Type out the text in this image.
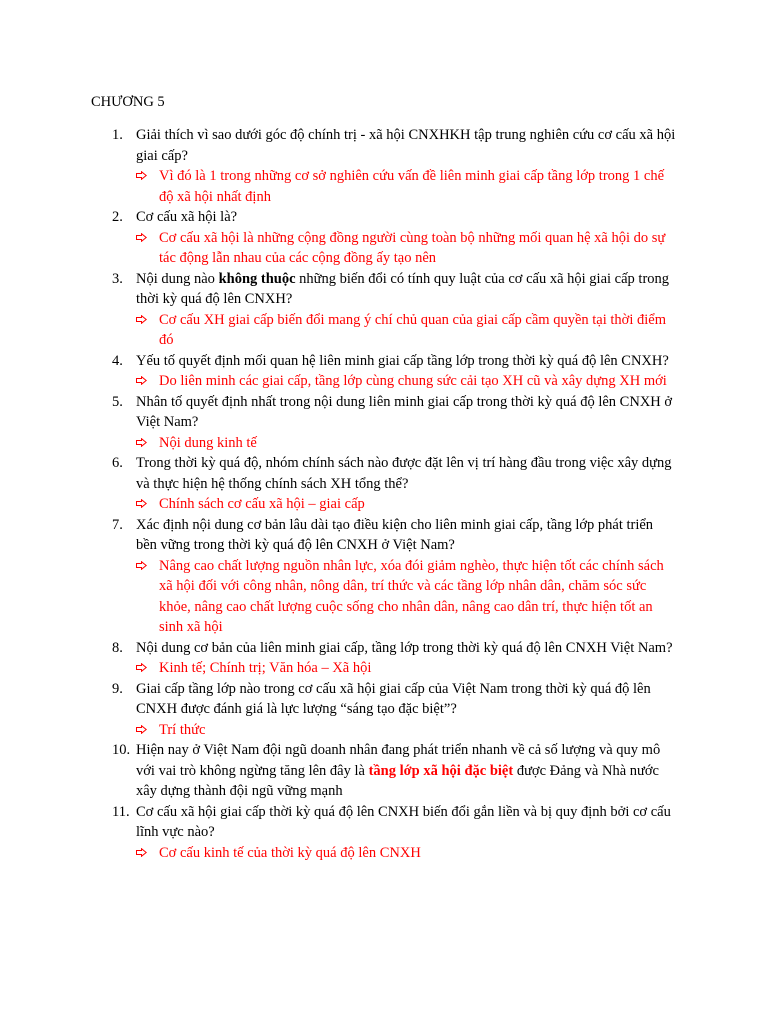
CHƯƠNG 5
1. Giải thích vì sao dưới góc độ chính trị - xã hội CNXHKH tập trung nghiên cứu cơ cấu xã hội giai cấp?
Vì đó là 1 trong những cơ sở nghiên cứu vấn đề liên minh giai cấp tầng lớp trong 1 chế độ xã hội nhất định
2. Cơ cấu xã hội là?
Cơ cấu xã hội là những cộng đồng người cùng toàn bộ những mối quan hệ xã hội do sự tác động lẫn nhau của các cộng đồng ấy tạo nên
3. Nội dung nào không thuộc những biến đổi có tính quy luật của cơ cấu xã hội giai cấp trong thời kỳ quá độ lên CNXH?
Cơ cấu XH giai cấp biến đổi mang ý chí chủ quan của giai cấp cầm quyền tại thời điểm đó
4. Yếu tố quyết định mối quan hệ liên minh giai cấp tầng lớp trong thời kỳ quá độ lên CNXH?
Do liên minh các giai cấp, tầng lớp cùng chung sức cải tạo XH cũ và xây dựng XH mới
5. Nhân tố quyết định nhất trong nội dung liên minh giai cấp trong thời kỳ quá độ lên CNXH ở Việt Nam?
Nội dung kinh tế
6. Trong thời kỳ quá độ, nhóm chính sách nào được đặt lên vị trí hàng đầu trong việc xây dựng và thực hiện hệ thống chính sách XH tổng thể?
Chính sách cơ cấu xã hội – giai cấp
7. Xác định nội dung cơ bản lâu dài tạo điều kiện cho liên minh giai cấp, tầng lớp phát triển bền vững trong thời kỳ quá độ lên CNXH ở Việt Nam?
Nâng cao chất lượng nguồn nhân lực, xóa đói giảm nghèo, thực hiện tốt các chính sách xã hội đối với công nhân, nông dân, trí thức và các tầng lớp nhân dân, chăm sóc sức khỏe, nâng cao chất lượng cuộc sống cho nhân dân, nâng cao dân trí, thực hiện tốt an sinh xã hội
8. Nội dung cơ bản của liên minh giai cấp, tầng lớp trong thời kỳ quá độ lên CNXH Việt Nam?
Kinh tế; Chính trị; Văn hóa – Xã hội
9. Giai cấp tầng lớp nào trong cơ cấu xã hội giai cấp của Việt Nam trong thời kỳ quá độ lên CNXH được đánh giá là lực lượng “sáng tạo đặc biệt”?
Trí thức
10. Hiện nay ở Việt Nam đội ngũ doanh nhân đang phát triển nhanh về cả số lượng và quy mô với vai trò không ngừng tăng lên đây là tầng lớp xã hội đặc biệt được Đảng và Nhà nước xây dựng thành đội ngũ vững mạnh
11. Cơ cấu xã hội giai cấp thời kỳ quá độ lên CNXH biến đổi gắn liền và bị quy định bởi cơ cấu lĩnh vực nào?
Cơ cấu kinh tế của thời kỳ quá độ lên CNXH
